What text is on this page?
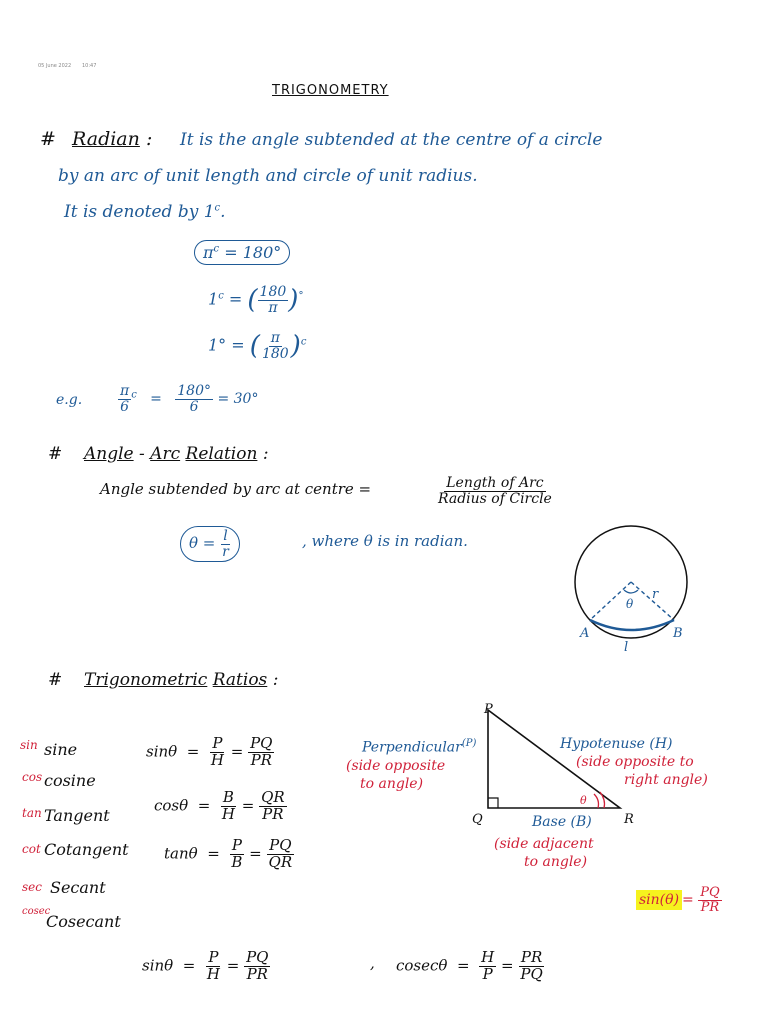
05 June 2022 10:47
TRIGONOMETRY
# Radian : It is the angle subtended at the centre of a circle
by an arc of unit length and circle of unit radius.
It is denoted by 1$^c$.
$\pi^c = 180^\circ$
$1^c$ = ( $\frac{180}{\pi} )^\circ$
1° = ( $\frac{\pi}{180} )^c$
e.g.	$\frac{\pi}{6} ^c = \frac{180^\circ}{6} = 30^\circ$
# Angle - Arc Relation :
Angle subtended by arc at centre =	$\frac{\text{Length of Arc}}{\text{Radius of Circle}}$
$\theta = \frac{l}{r}$	, where θ is in radian.
θ
r
A	B
l
# Trigonometric Ratios :
sin sine
cos cosine
tan Tangent
cot Cotangent
sec Secant
cosec
Cosecant
$\sin\theta = \frac{P}{H} = \frac{PQ}{PR}$
$\cos\theta = \frac{B}{H} = \frac{QR}{PR}$
$\tan\theta = \frac{P}{B} = \frac{PQ}{QR}$
θ
P
Q	R
Perpendicular$^{(P)}$
(side opposite
to angle)
Hypotenuse (H)
(side opposite to
right angle)
Base (B)
(side adjacent
to angle)
$\sin(\theta) = \frac{PQ}{PR}$
$\sin\theta = \frac{P}{H} = \frac{PQ}{PR}$	, $cosec\theta = \frac{H}{P} = \frac{PR}{PQ}$
